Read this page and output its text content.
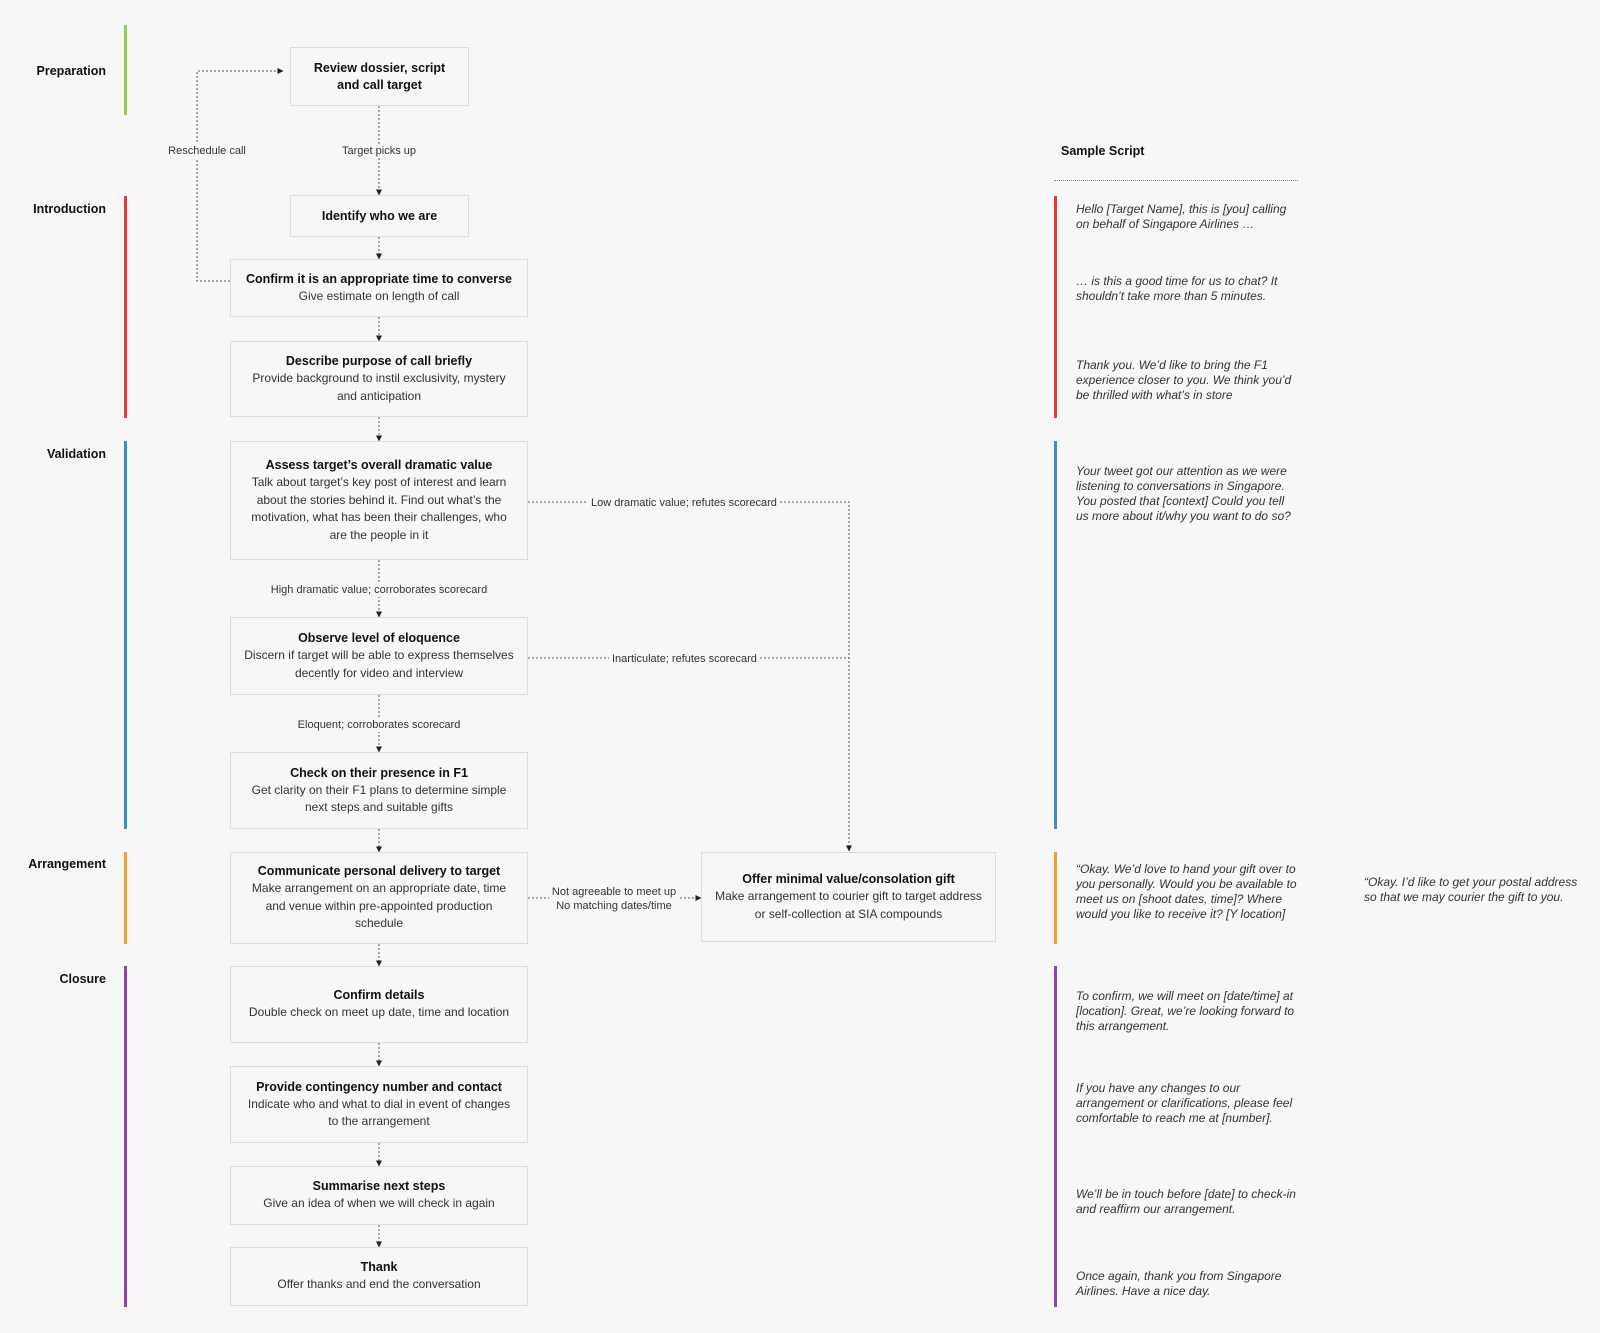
Preparation
Introduction
Validation
Arrangement
Closure
Review dossier, script and call target
Identify who we are
Confirm it is an appropriate time to converse
Give estimate on length of call
Describe purpose of call briefly
Provide background to instil exclusivity, mystery and anticipation
Assess target’s overall dramatic value
Talk about target’s key post of interest and learn about the stories behind it. Find out what’s the motivation, what has been their challenges, who are the people in it
Observe level of eloquence
Discern if target will be able to express themselves decently for video and interview
Check on their presence in F1
Get clarity on their F1 plans to determine simple next steps and suitable gifts
Communicate personal delivery to target
Make arrangement on an appropriate date, time and venue within pre-appointed production schedule
Offer minimal value/consolation gift
Make arrangement to courier gift to target address or self-collection at SIA compounds
Confirm details
Double check on meet up date, time and location
Provide contingency number and contact
Indicate who and what to dial in event of changes to the arrangement
Summarise next steps
Give an idea of when we will check in again
Thank
Offer thanks and end the conversation
Reschedule call	Target picks up
Low dramatic value; refutes scorecard
High dramatic value; corroborates scorecard
Inarticulate; refutes scorecard
Eloquent; corroborates scorecard
Not agreeable to meet up
No matching dates/time
Sample Script
Hello [Target Name], this is [you] calling on behalf of Singapore Airlines …
… is this a good time for us to chat? It shouldn’t take more than 5 minutes.
Thank you. We’d like to bring the F1 experience closer to you. We think you’d be thrilled with what’s in store
Your tweet got our attention as we were listening to conversations in Singapore. You posted that [context] Could you tell us more about it/why you want to do so?
“Okay. We’d love to hand your gift over to you personally. Would you be available to meet us on [shoot dates, time]? Where would you like to receive it? [Y location]
“Okay. I’d like to get your postal address so that we may courier the gift to you.
To confirm, we will meet on [date/time] at [location]. Great, we’re looking forward to this arrangement.
If you have any changes to our arrangement or clarifications, please feel comfortable to reach me at [number].
We’ll be in touch before [date] to check-in and reaffirm our arrangement.
Once again, thank you from Singapore Airlines. Have a nice day.
